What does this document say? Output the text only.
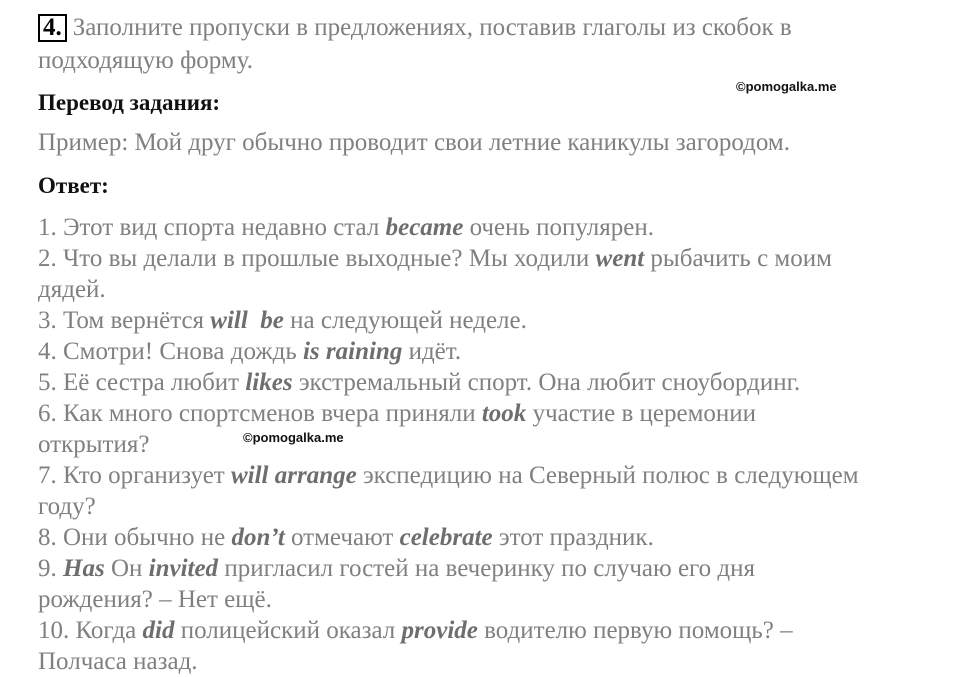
4. Заполните пропуски в предложениях, поставив глаголы из скобок в
подходящую форму.
©pomogalka.me
Перевод задания:
Пример: Мой друг обычно проводит свои летние каникулы загородом.
Ответ:
1. Этот вид спорта недавно стал became очень популярен.
2. Что вы делали в прошлые выходные? Мы ходили went рыбачить с моим
дядей.
3. Том вернётся will  be на следующей неделе.
4. Смотри! Снова дождь is raining идёт.
5. Её сестра любит likes экстремальный спорт. Она любит сноубординг.
6. Как много спортсменов вчера приняли took участие в церемонии
открытия?	©pomogalka.me
7. Кто организует will arrange экспедицию на Северный полюс в следующем
году?
8. Они обычно не don’t отмечают celebrate этот праздник.
9. Has Он invited пригласил гостей на вечеринку по случаю его дня
рождения? – Нет ещё.
10. Когда did полицейский оказал provide водителю первую помощь? –
Полчаса назад.
